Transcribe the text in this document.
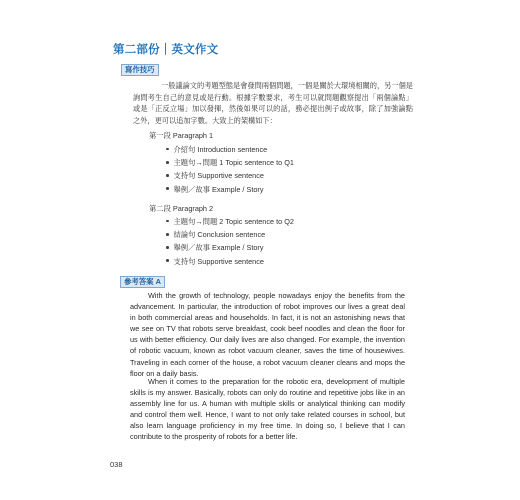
第二部份｜英文作文
寫作技巧
一般議論文的考題型態是會發問兩個問題，一個是關於大環境相關的，另一個是詢問考生自己的意見或是行動。根據字數要求，考生可以就問題觀察提出「兩個論點」或是「正反立場」加以發揮，然後如果可以的話，務必提出例子或故事，除了加強論點之外，更可以追加字數。大致上的架構如下：
第一段 Paragraph 1
介紹句 Introduction sentence
主題句→問題 1 Topic sentence to Q1
支持句 Supportive sentence
舉例／故事 Example / Story
第二段 Paragraph 2
主題句→問題 2 Topic sentence to Q2
結論句 Conclusion sentence
舉例／故事 Example / Story
支持句 Supportive sentence
參考答案 A
With the growth of technology, people nowadays enjoy the benefits from the advancement. In particular, the introduction of robot improves our lives a great deal in both commercial areas and households. In fact, it is not an astonishing news that we see on TV that robots serve breakfast, cook beef noodles and clean the floor for us with better efficiency. Our daily lives are also changed. For example, the invention of robotic vacuum, known as robot vacuum cleaner, saves the time of housewives. Traveling in each corner of the house, a robot vacuum cleaner cleans and mops the floor on a daily basis.
When it comes to the preparation for the robotic era, development of multiple skills is my answer. Basically, robots can only do routine and repetitive jobs like in an assembly line for us. A human with multiple skills or analytical thinking can modify and control them well. Hence, I want to not only take related courses in school, but also learn language proficiency in my free time. In doing so, I believe that I can contribute to the prosperity of robots for a better life.
038
